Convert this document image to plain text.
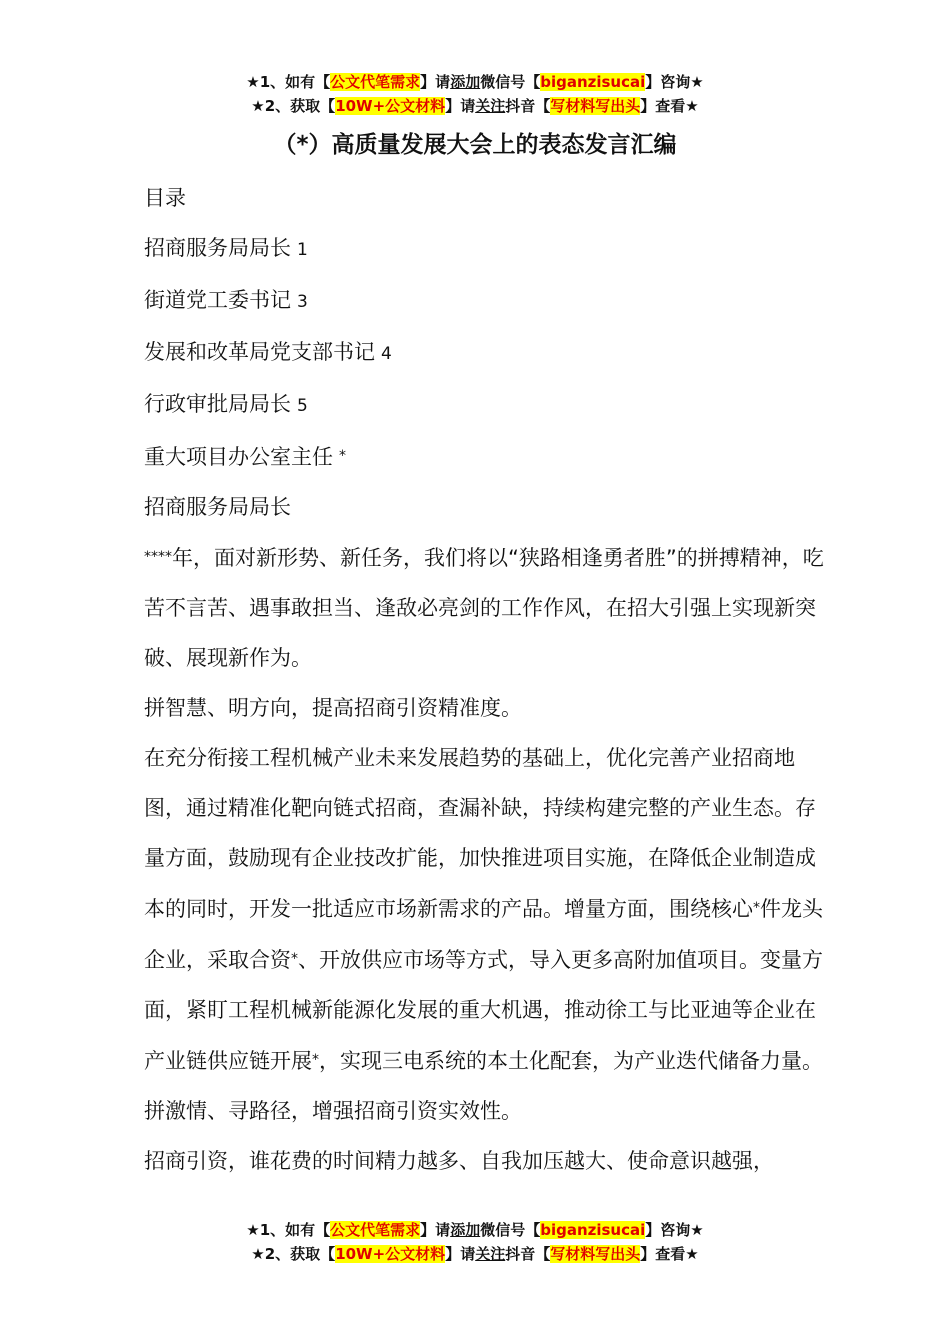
★1、如有【公文代笔需求】请添加微信号【biganzisucai】咨询★
★2、获取【10W+公文材料】请关注抖音【写材料写出头】查看★
（*）高质量发展大会上的表态发言汇编

目录

招商服务局局长 1

街道党工委书记 3

发展和改革局党支部书记 4

行政审批局局长 5

重大项目办公室主任 *

招商服务局局长

****年，面对新形势、新任务，我们将以“狭路相逢勇者胜”的拼搏精神，吃苦不言苦、遇事敢担当、逢敌必亮剑的工作作风，在招大引强上实现新突破、展现新作为。

拼智慧、明方向，提高招商引资精准度。

在充分衔接工程机械产业未来发展趋势的基础上，优化完善产业招商地图，通过精准化靶向链式招商，查漏补缺，持续构建完整的产业生态。存量方面，鼓励现有企业技改扩能，加快推进项目实施，在降低企业制造成本的同时，开发一批适应市场新需求的产品。增量方面，围绕核心*件龙头企业，采取合资*、开放供应市场等方式，导入更多高附加值项目。变量方面，紧盯工程机械新能源化发展的重大机遇，推动徐工与比亚迪等企业在产业链供应链开展*，实现三电系统的本土化配套，为产业迭代储备力量。

拼激情、寻路径，增强招商引资实效性。

招商引资，谁花费的时间精力越多、自我加压越大、使命意识越强，

★1、如有【公文代笔需求】请添加微信号【biganzisucai】咨询★
★2、获取【10W+公文材料】请关注抖音【写材料写出头】查看★
